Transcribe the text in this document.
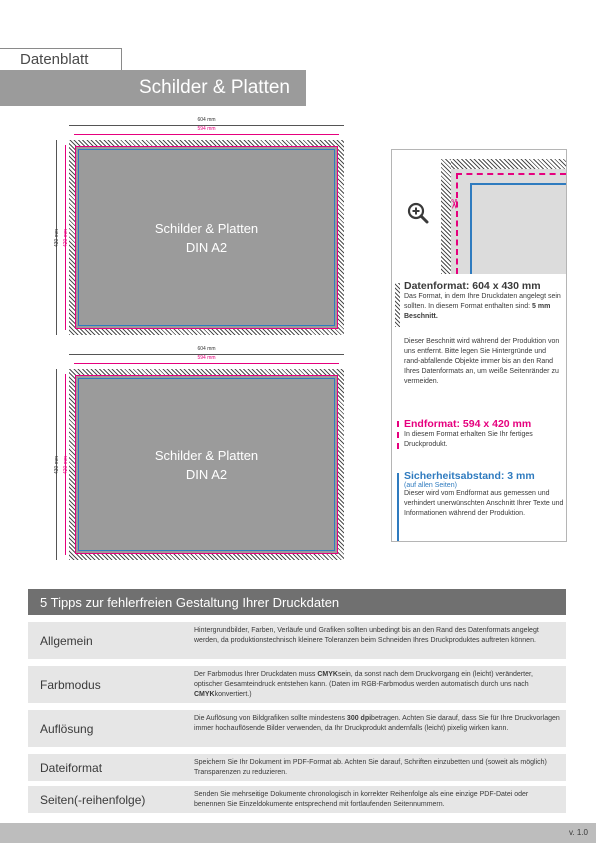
Datenblatt
Schilder & Platten
604 mm
594 mm
430 mm 420 mm
Schilder & Platten
DIN A2
604 mm
594 mm
430 mm 420 mm
Schilder & Platten
DIN A2
✂
Datenformat: 604 x 430 mm
Das Format, in dem Ihre Druckdaten angelegt sein sollten. In diesem Format enthalten sind: 5 mm Beschnitt.
Dieser Beschnitt wird während der Produktion von uns entfernt. Bitte legen Sie Hintergründe und rand-abfallende Objekte immer bis an den Rand Ihres Datenformats an, um weiße Seitenränder zu vermeiden.
Endformat: 594 x 420 mm
In diesem Format erhalten Sie Ihr fertiges Druckprodukt.
Sicherheitsabstand: 3 mm
(auf allen Seiten)
Dieser wird vom Endformat aus gemessen und verhindert unerwünschten Anschnitt Ihrer Texte und Informationen während der Produktion.
5 Tipps zur fehlerfreien Gestaltung Ihrer Druckdaten
Allgemein
Hintergrundbilder, Farben, Verläufe und Grafiken sollten unbedingt bis an den Rand des Datenformats angelegt werden, da produktionstechnisch kleinere Toleranzen beim Schneiden Ihres Druckproduktes auftreten können.
Farbmodus
Der Farbmodus Ihrer Druckdaten muss CMYKsein, da sonst nach dem Druckvorgang ein (leicht) veränderter, optischer Gesamteindruck entstehen kann. (Daten im RGB-Farbmodus werden automatisch durch uns nach CMYKkonvertiert.)
Auflösung
Die Auflösung von Bildgrafiken sollte mindestens 300 dpibetragen. Achten Sie darauf, dass Sie für Ihre Druckvorlagen immer hochauflösende Bilder verwenden, da Ihr Druckprodukt andernfalls (leicht) pixelig wirken kann.
Dateiformat	Speichern Sie Ihr Dokument im PDF-Format ab. Achten Sie darauf, Schriften einzubetten und (soweit als möglich) Transparenzen zu reduzieren.
Seiten(-reihenfolge)	Senden Sie mehrseitige Dokumente chronologisch in korrekter Reihenfolge als eine einzige PDF-Datei oder benennen Sie Einzeldokumente entsprechend mit fortlaufenden Seitennummern.
v. 1.0
